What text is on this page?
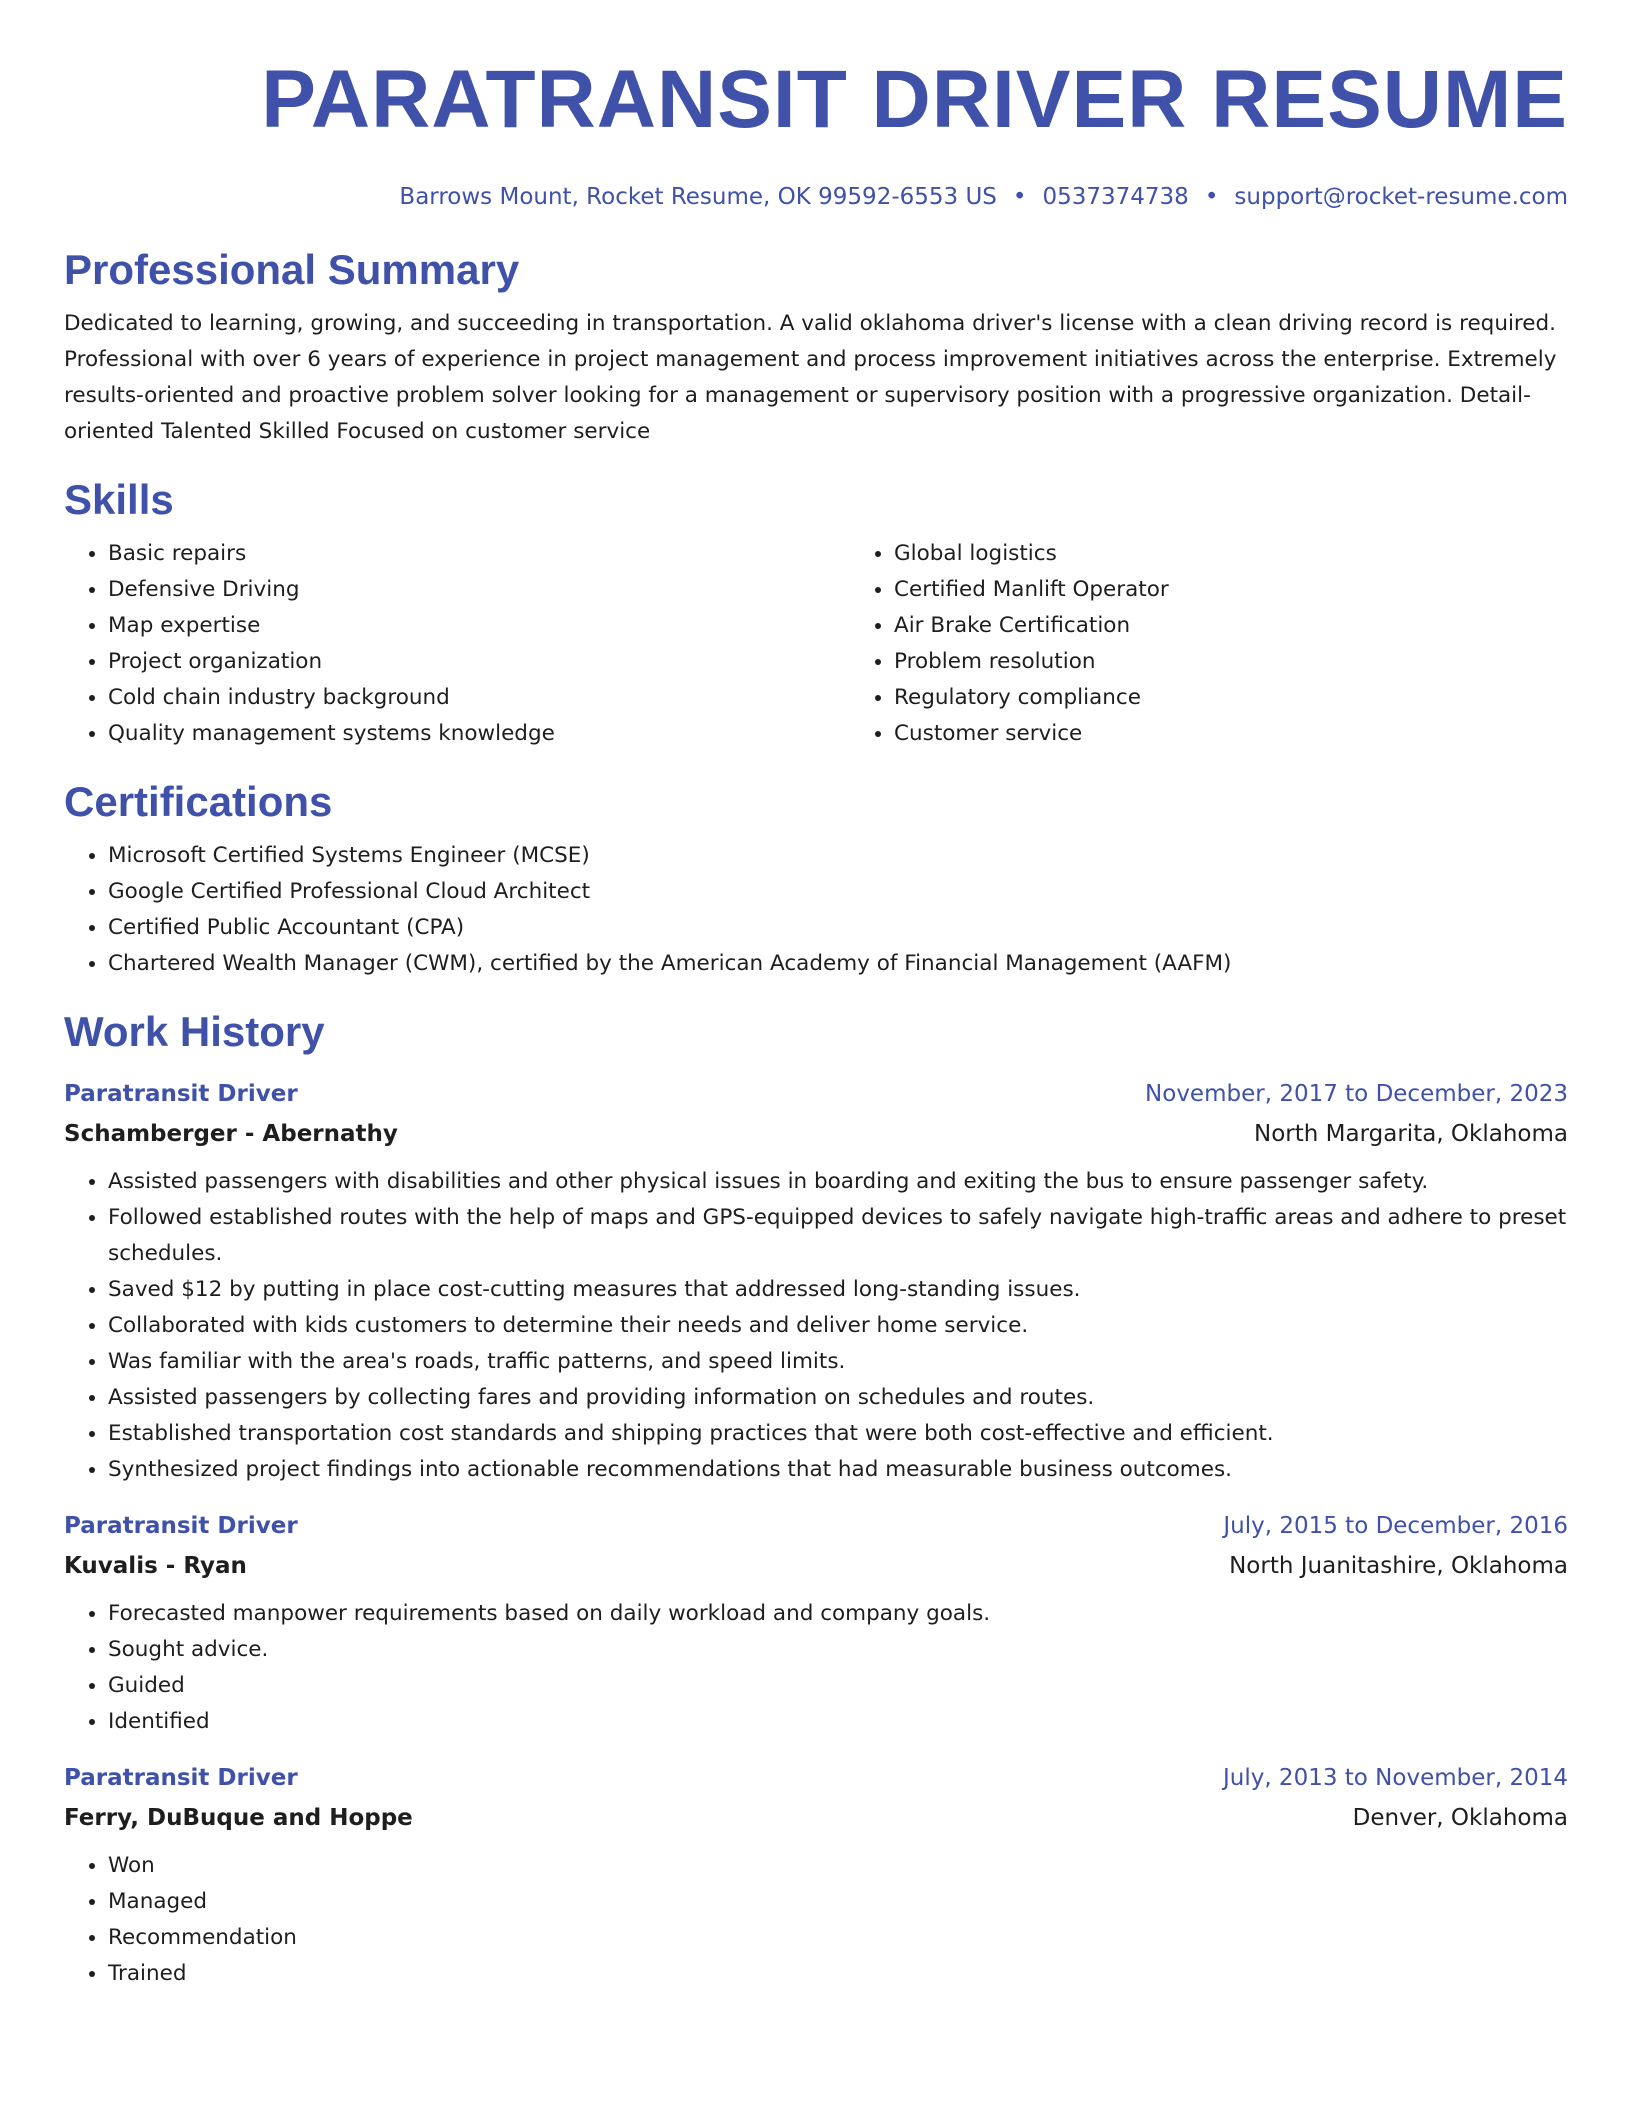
PARATRANSIT DRIVER RESUME
Barrows Mount, Rocket Resume, OK 99592-6553 US • 0537374738 • support@rocket-resume.com
Professional Summary

Dedicated to learning, growing, and succeeding in transportation. A valid oklahoma driver's license with a clean driving record is required. Professional with over 6 years of experience in project management and process improvement initiatives across the enterprise. Extremely results-oriented and proactive problem solver looking for a management or supervisory position with a progressive organization. Detail-oriented Talented Skilled Focused on customer service

Skills
• Basic repairs
• Defensive Driving
• Map expertise
• Project organization
• Cold chain industry background
• Quality management systems knowledge
• Global logistics
• Certified Manlift Operator
• Air Brake Certification
• Problem resolution
• Regulatory compliance
• Customer service
Certifications
• Microsoft Certified Systems Engineer (MCSE)
• Google Certified Professional Cloud Architect
• Certified Public Accountant (CPA)
• Chartered Wealth Manager (CWM), certified by the American Academy of Financial Management (AAFM)
Work History
Paratransit Driver	November, 2017 to December, 2023
Schamberger - Abernathy	North Margarita, Oklahoma
• Assisted passengers with disabilities and other physical issues in boarding and exiting the bus to ensure passenger safety.
• Followed established routes with the help of maps and GPS-equipped devices to safely navigate high-traffic areas and adhere to preset schedules.
• Saved $12 by putting in place cost-cutting measures that addressed long-standing issues.
• Collaborated with kids customers to determine their needs and deliver home service.
• Was familiar with the area's roads, traffic patterns, and speed limits.
• Assisted passengers by collecting fares and providing information on schedules and routes.
• Established transportation cost standards and shipping practices that were both cost-effective and efficient.
• Synthesized project findings into actionable recommendations that had measurable business outcomes.
Paratransit Driver	July, 2015 to December, 2016
Kuvalis - Ryan	North Juanitashire, Oklahoma
• Forecasted manpower requirements based on daily workload and company goals.
• Sought advice.
• Guided
• Identified
Paratransit Driver	July, 2013 to November, 2014
Ferry, DuBuque and Hoppe	Denver, Oklahoma
• Won
• Managed
• Recommendation
• Trained
